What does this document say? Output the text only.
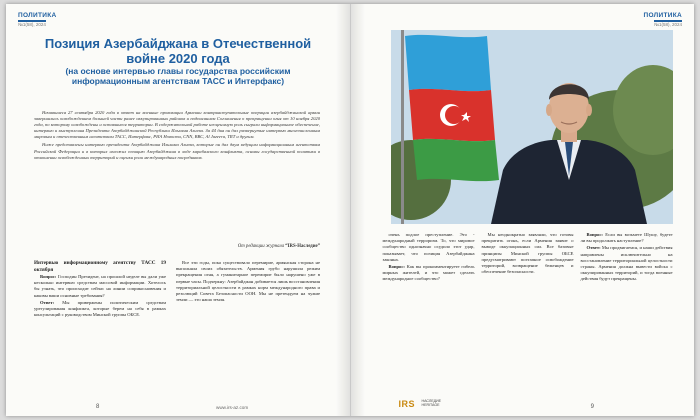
ПОЛИТИКА
№1(58), 2024
Позиция Азербайджана в Отечественной войне 2020 года
(на основе интервью главы государства российским информационным агентствам ТАСС и Интерфакс)

Начавшиеся 27 сентября 2020 года в ответ на военные провокации Армении контрнаступательные операции азербайджанской армии завершились освобождением большей части ранее оккупированных районов и подписанием Соглашения о прекращении огня от 10 ноября 2020 года, по которому освобождены и оставшиеся территории. В содержательной работе неоценимую роль сыграли информационное обеспечение, интервью и выступления Президента Азербайджанской Республики Ильхама Алиева. За 44 дня он дал развернутые интервью многочисленным мировым и отечественным агентствам ТАСС, Интерфакс, РИА Новости, CNN, BBC, Al Jazeera, TRT и другим.

Ниже представлены интервью президента Азербайджана Ильхама Алиева, которые он дал двум ведущим информационным агентствам Российской Федерации и в которых изложил позицию Азербайджана в ходе карабахского конфликта, основы государственной политики в отношении освобожденных территорий и оценки роли международных посредников.

От редакции журнала “IRS-Наследие”

Интервью информационному агентству ТАСС 19 октября

Вопрос: Господин Президент, на прошлой неделе вы дали уже несколько интервью средствам массовой информации. Хотелось бы узнать, что происходит сейчас на линии соприкосновения и каковы ваши основные требования?

Ответ: Мы привержены политическим средствам урегулирования конфликта, которые берем на себя в рамках консультаций с руководством Минской группы ОБСЕ.

Все эти годы, пока существовало перемирие, армянская сторона не выполняла своих обязательств. Армения грубо нарушила режим прекращения огня, а гуманитарное перемирие было нарушено уже в первые часы. Подчеркну: Азербайджан добивается лишь восстановления территориальной целостности в рамках норм международного права и резолюций Совета Безопасности ООН. Мы не претендуем на чужие земли — это наша земля.

8	www.irs-az.com
ПОЛИТИКА
№1(58), 2024

очень подлое преступление. Это - международный терроризм. То, что мировое сообщество однозначно осудило этот удар, показывает, что позиция Азербайджана законна.

Вопрос: Как вы прокомментируете гибель мирных жителей, и что может сделать международное сообщество?

Мы неоднократно заявляли, что готовы прекратить огонь, если Армения заявит о выводе оккупационных сил. Все базовые принципы Минской группы ОБСЕ предусматривают поэтапное освобождение территорий, возвращение беженцев и обеспечение безопасности.

Вопрос: Если вы возьмете Шушу, будете ли вы продолжать наступление?

Ответ: Мы продвигаемся, и наши действия направлены исключительно на восстановление территориальной целостности страны. Армения должна вывести войска с оккупированных территорий, и тогда военные действия будут прекращены.

IRS НАСЛЕДИЕ
HERITAGE	9
